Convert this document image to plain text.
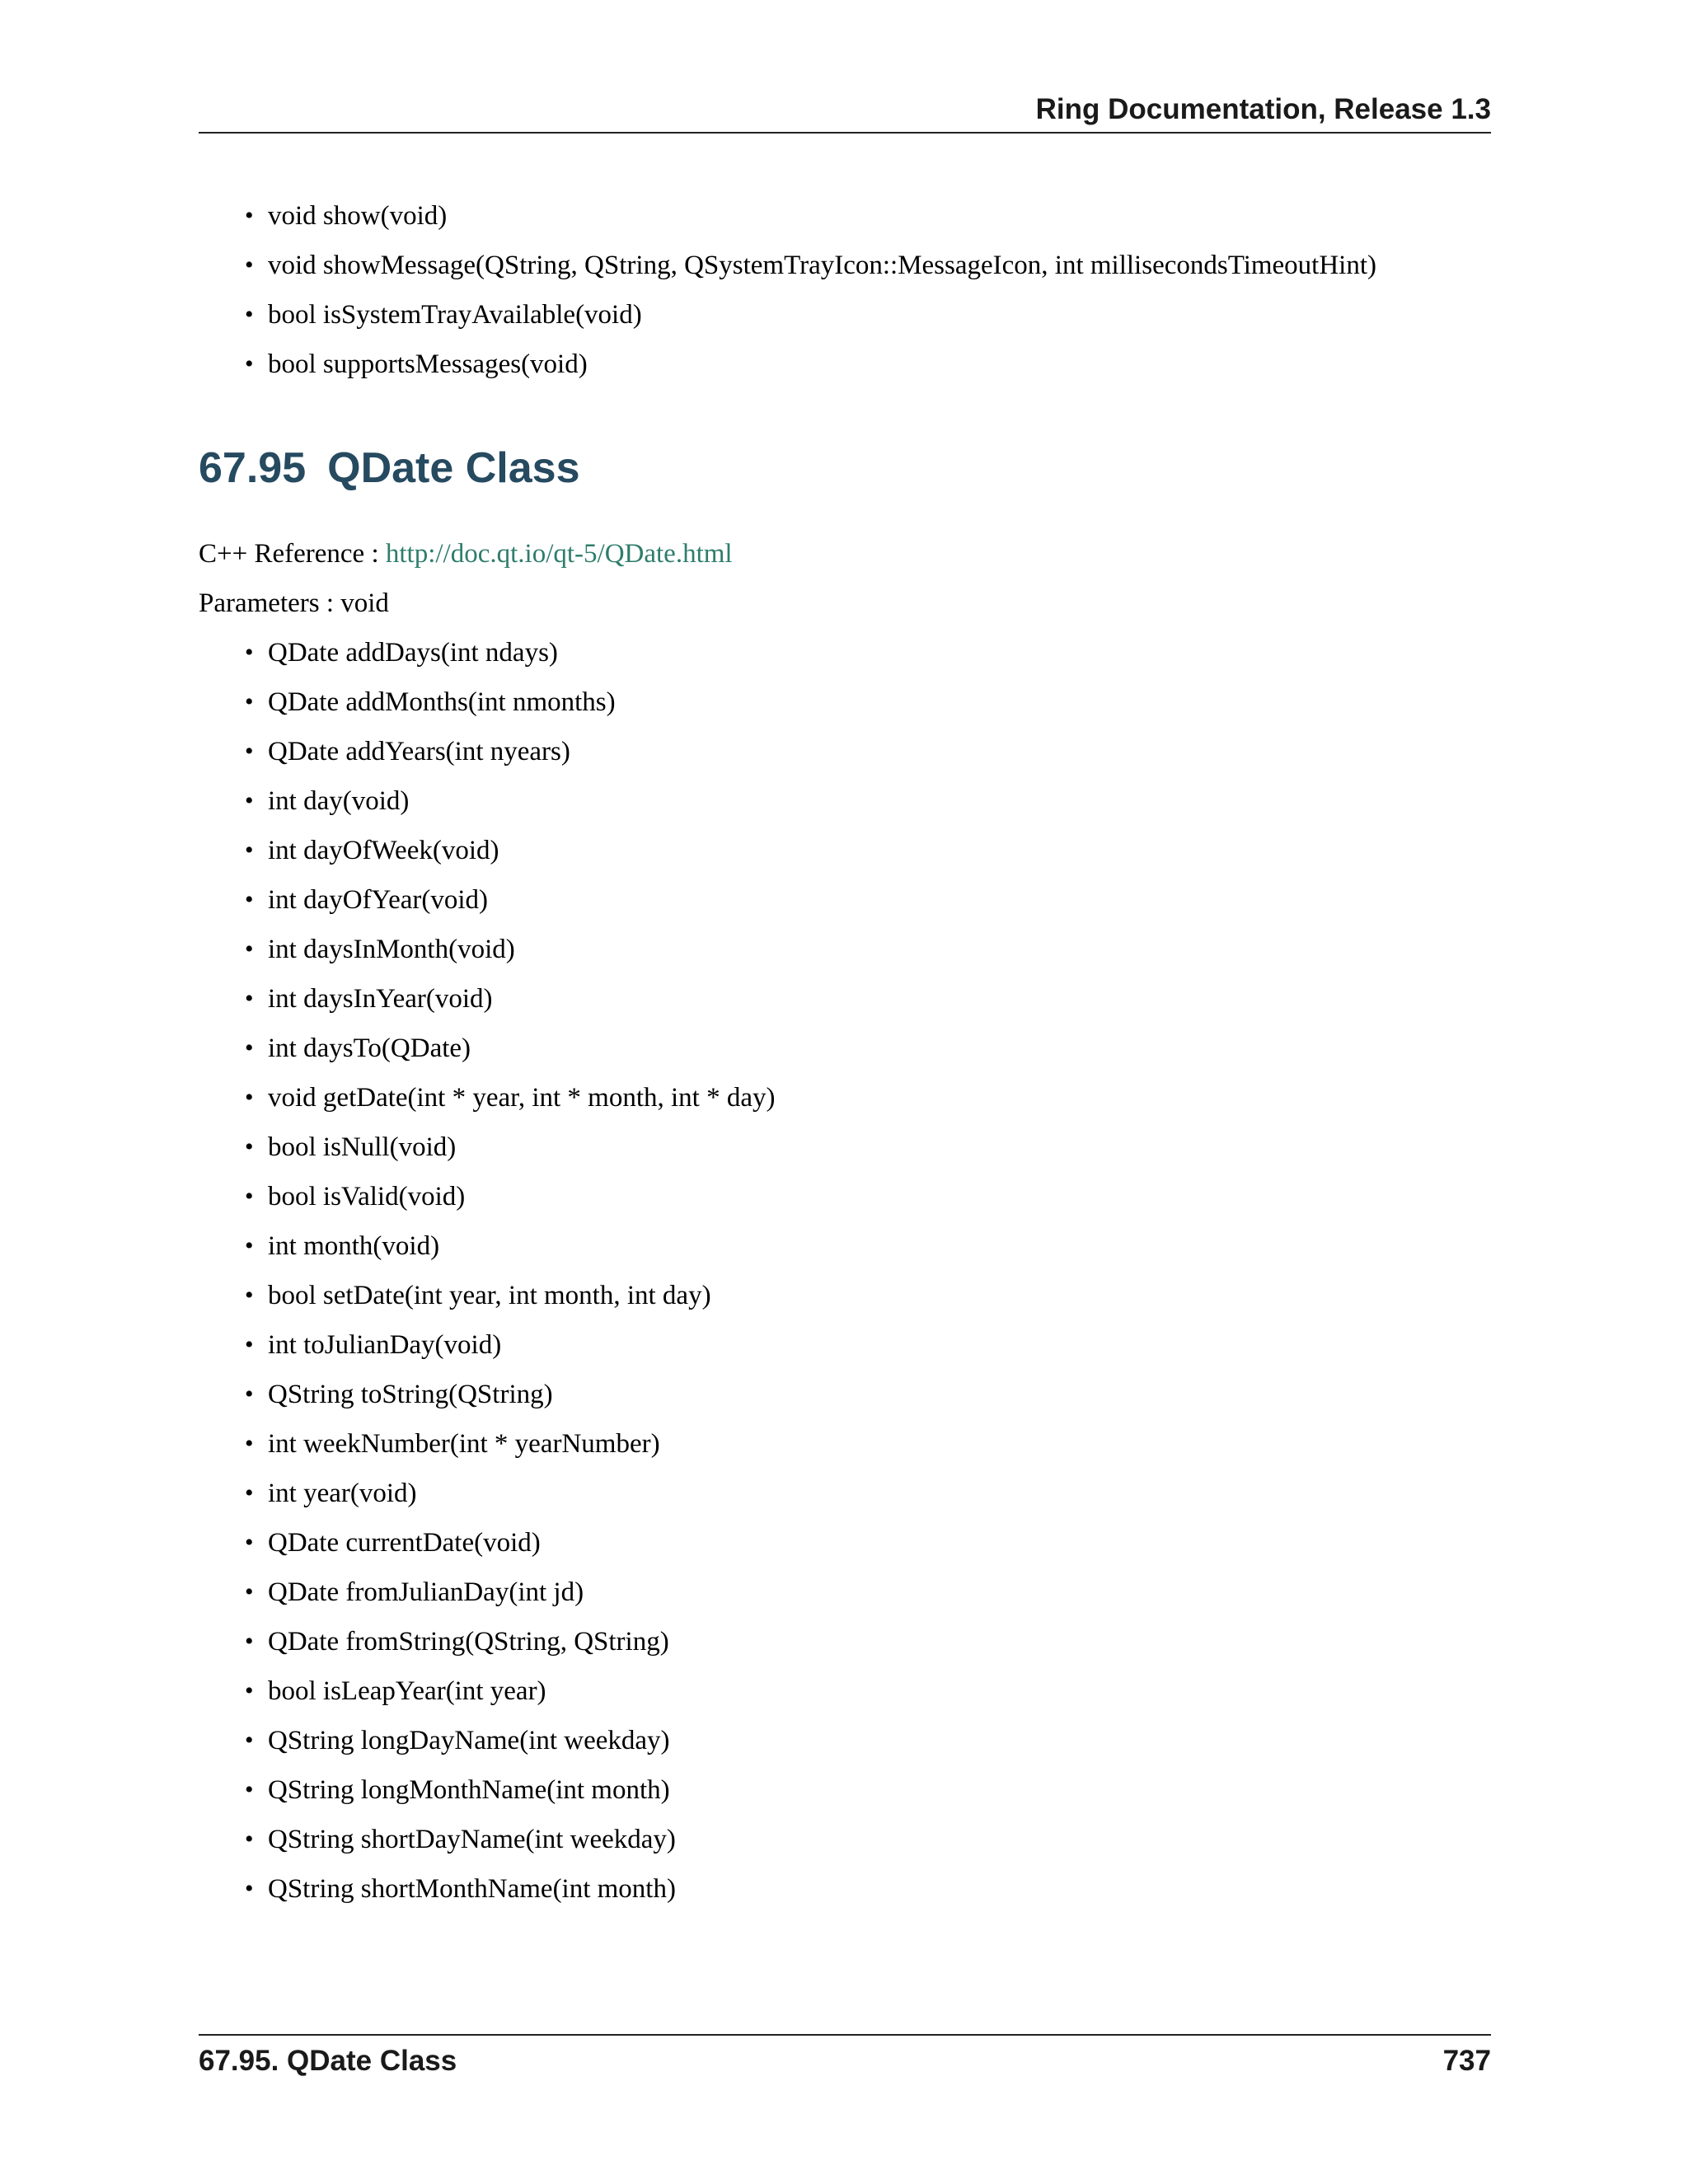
Ring Documentation, Release 1.3
• void show(void)
• void showMessage(QString, QString, QSystemTrayIcon::MessageIcon, int millisecondsTimeoutHint)
• bool isSystemTrayAvailable(void)
• bool supportsMessages(void)
67.95 QDate Class
C++ Reference : http://doc.qt.io/qt-5/QDate.html
Parameters : void
• QDate addDays(int ndays)
• QDate addMonths(int nmonths)
• QDate addYears(int nyears)
• int day(void)
• int dayOfWeek(void)
• int dayOfYear(void)
• int daysInMonth(void)
• int daysInYear(void)
• int daysTo(QDate)
• void getDate(int * year, int * month, int * day)
• bool isNull(void)
• bool isValid(void)
• int month(void)
• bool setDate(int year, int month, int day)
• int toJulianDay(void)
• QString toString(QString)
• int weekNumber(int * yearNumber)
• int year(void)
• QDate currentDate(void)
• QDate fromJulianDay(int jd)
• QDate fromString(QString, QString)
• bool isLeapYear(int year)
• QString longDayName(int weekday)
• QString longMonthName(int month)
• QString shortDayName(int weekday)
• QString shortMonthName(int month)
67.95. QDate Class	737
